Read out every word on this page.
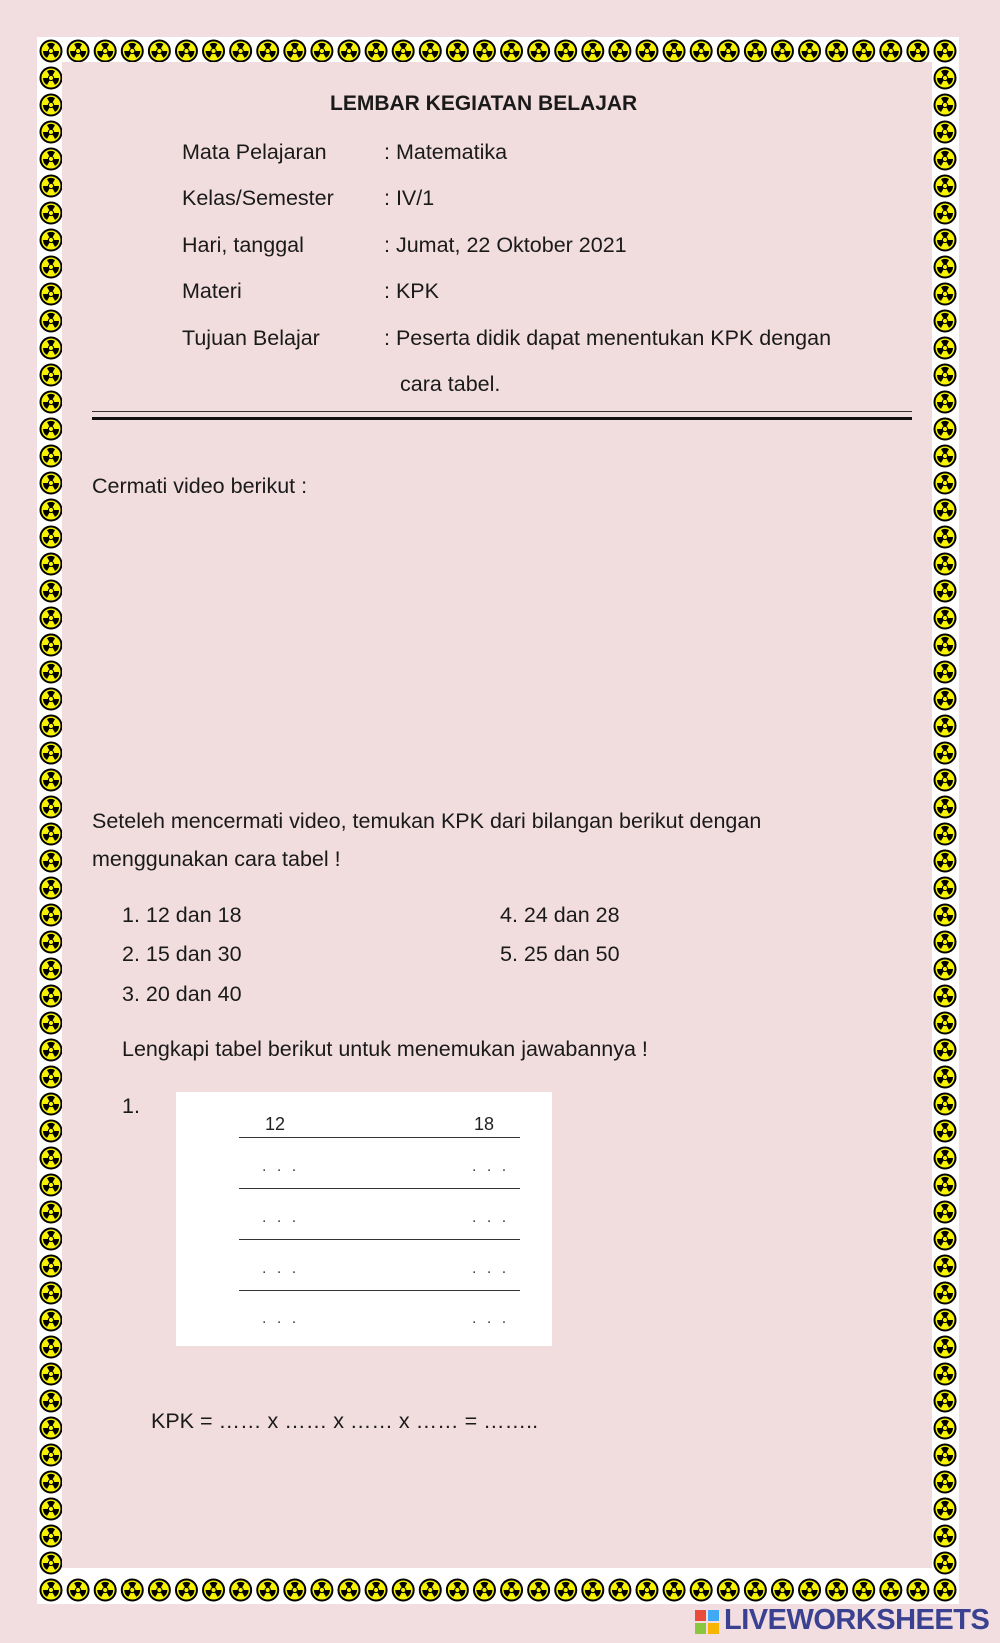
LEMBAR KEGIATAN BELAJAR
Mata Pelajaran	: Matematika
Kelas/Semester : IV/1
Hari, tanggal	: Jumat, 22 Oktober 2021
Materi	: KPK
Tujuan Belajar	: Peserta didik dapat menentukan KPK dengan
cara tabel.
Cermati video berikut :
Seteleh mencermati video, temukan KPK dari bilangan berikut dengan
menggunakan cara tabel !
1. 12 dan 18
2. 15 dan 30
3. 20 dan 40
4. 24 dan 28
5. 25 dan 50
Lengkapi tabel berikut untuk menemukan jawabannya !
1.
12	18
. . .	. . .
. . .	. . .
. . .	. . .
. . .	. . .
KPK = …… x …… x …… x …… = ……..
LIVEWORKSHEETS
